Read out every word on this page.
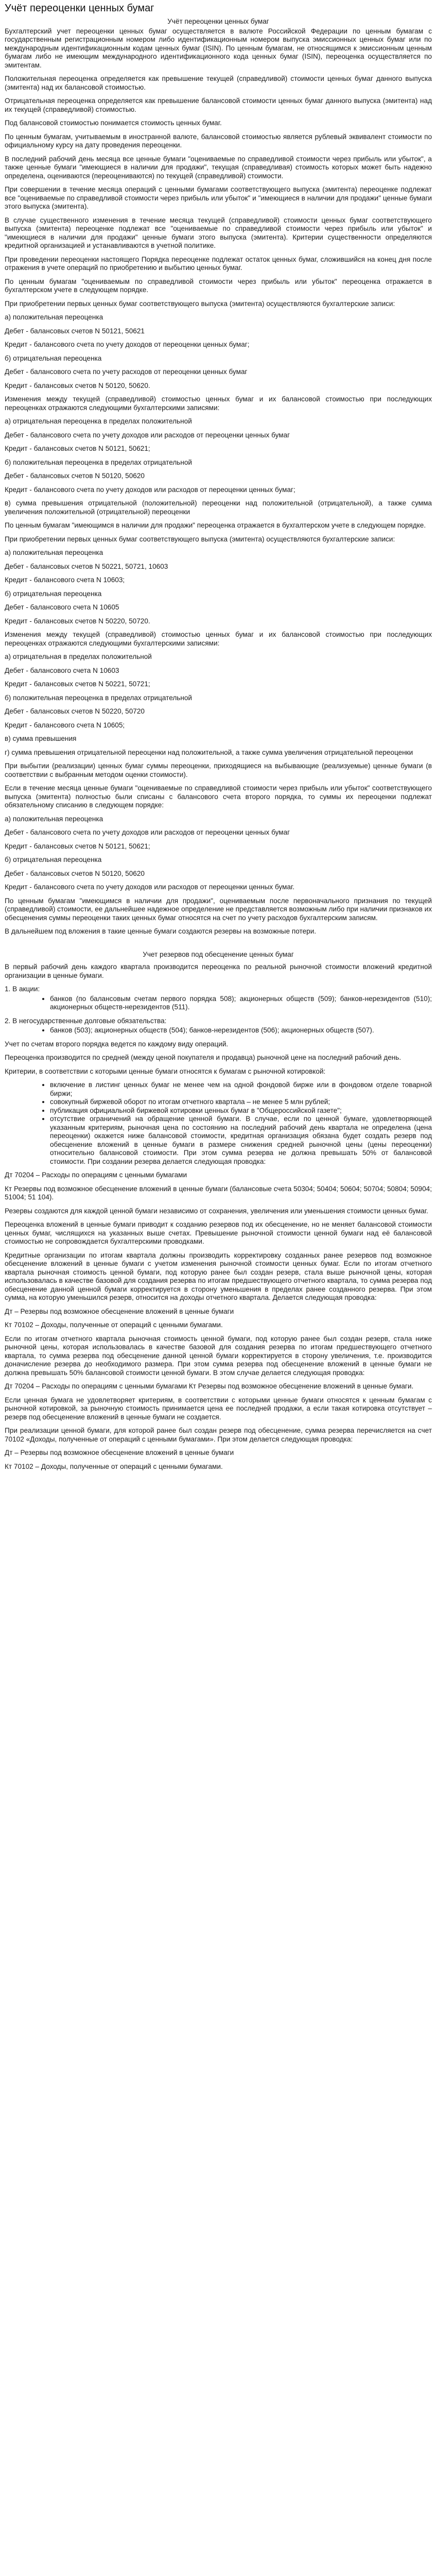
Учёт переоценки ценных бумаг
Учёт переоценки ценных бумаг

Бухгалтерский учет переоценки ценных бумаг осуществляется в валюте Российской Федерации по ценным бумагам с государственным регистрационным номером либо идентификационным номером выпуска эмиссионных ценных бумаг или по международным идентификационным кодам ценных бумаг (ISIN). По ценным бумагам, не относящимся к эмиссионным ценным бумагам либо не имеющим международного идентификационного кода ценных бумаг (ISIN), переоценка осуществляется по эмитентам.

Положительная переоценка определяется как превышение текущей (справедливой) стоимости ценных бумаг данного выпуска (эмитента) над их балансовой стоимостью.

Отрицательная переоценка определяется как превышение балансовой стоимости ценных бумаг данного выпуска (эмитента) над их текущей (справедливой) стоимостью.

Под балансовой стоимостью понимается стоимость ценных бумаг.

По ценным бумагам, учитываемым в иностранной валюте, балансовой стоимостью является рублевый эквивалент стоимости по официальному курсу на дату проведения переоценки.

В последний рабочий день месяца все ценные бумаги "оцениваемые по справедливой стоимости через прибыль или убыток", а также ценные бумаги "имеющиеся в наличии для продажи", текущая (справедливая) стоимость которых может быть надежно определена, оцениваются (переоцениваются) по текущей (справедливой) стоимости.

При совершении в течение месяца операций с ценными бумагами соответствующего выпуска (эмитента) переоценке подлежат все "оцениваемые по справедливой стоимости через прибыль или убыток" и "имеющиеся в наличии для продажи" ценные бумаги этого выпуска (эмитента).

В случае существенного изменения в течение месяца текущей (справедливой) стоимости ценных бумаг соответствующего выпуска (эмитента) переоценке подлежат все "оцениваемые по справедливой стоимости через прибыль или убыток" и "имеющиеся в наличии для продажи" ценные бумаги этого выпуска (эмитента). Критерии существенности определяются кредитной организацией и устанавливаются в учетной политике.

При проведении переоценки настоящего Порядка переоценке подлежат остаток ценных бумаг, сложившийся на конец дня после отражения в учете операций по приобретению и выбытию ценных бумаг.

По ценным бумагам "оцениваемым по справедливой стоимости через прибыль или убыток" переоценка отражается в бухгалтерском учете в следующем порядке.

При приобретении первых ценных бумаг соответствующего выпуска (эмитента) осуществляются бухгалтерские записи:

а) положительная переоценка

Дебет - балансовых счетов N 50121, 50621

Кредит - балансового счета по учету доходов от переоценки ценных бумаг;

б) отрицательная переоценка

Дебет - балансового счета по учету расходов от переоценки ценных бумаг

Кредит - балансовых счетов N 50120, 50620.

Изменения между текущей (справедливой) стоимостью ценных бумаг и их балансовой стоимостью при последующих переоценках отражаются следующими бухгалтерскими записями:

а) отрицательная переоценка в пределах положительной

Дебет - балансового счета по учету доходов или расходов от переоценки ценных бумаг

Кредит - балансовых счетов N 50121, 50621;

б) положительная переоценка в пределах отрицательной

Дебет - балансовых счетов N 50120, 50620

Кредит - балансового счета по учету доходов или расходов от переоценки ценных бумаг;

в) сумма превышения отрицательной (положительной) переоценки над положительной (отрицательной), а также сумма увеличения положительной (отрицательной) переоценки

По ценным бумагам "имеющимся в наличии для продажи" переоценка отражается в бухгалтерском учете в следующем порядке.

При приобретении первых ценных бумаг соответствующего выпуска (эмитента) осуществляются бухгалтерские записи:

а) положительная переоценка

Дебет - балансовых счетов N 50221, 50721, 10603

Кредит - балансового счета N 10603;

б) отрицательная переоценка

Дебет - балансового счета N 10605

Кредит - балансовых счетов N 50220, 50720.

Изменения между текущей (справедливой) стоимостью ценных бумаг и их балансовой стоимостью при последующих переоценках отражаются следующими бухгалтерскими записями:

а) отрицательная в пределах положительной

Дебет - балансового счета N 10603

Кредит - балансовых счетов N 50221, 50721;

б) положительная переоценка в пределах отрицательной

Дебет - балансовых счетов N 50220, 50720

Кредит - балансового счета N 10605;

в) сумма превышения

г) сумма превышения отрицательной переоценки над положительной, а также сумма увеличения отрицательной переоценки

При выбытии (реализации) ценных бумаг суммы переоценки, приходящиеся на выбывающие (реализуемые) ценные бумаги (в соответствии с выбранным методом оценки стоимости).

Если в течение месяца ценные бумаги "оцениваемые по справедливой стоимости через прибыль или убыток" соответствующего выпуска (эмитента) полностью были списаны с балансового счета второго порядка, то суммы их переоценки подлежат обязательному списанию в следующем порядке:

а) положительная переоценка

Дебет - балансового счета по учету доходов или расходов от переоценки ценных бумаг

Кредит - балансовых счетов N 50121, 50621;

б) отрицательная переоценка

Дебет - балансовых счетов N 50120, 50620

Кредит - балансового счета по учету доходов или расходов от переоценки ценных бумаг.

По ценным бумагам "имеющимся в наличии для продажи", оцениваемым после первоначального признания по текущей (справедливой) стоимости, ее дальнейшее надежное определение не представляется возможным либо при наличии признаков их обесценения суммы переоценки таких ценных бумаг относятся на счет по учету расходов бухгалтерским записям.

В дальнейшем под вложения в такие ценные бумаги создаются резервы на возможные потери.

Учет резервов под обесценение ценных бумаг

В первый рабочий день каждого квартала производится переоценка по реальной рыночной стоимости вложений кредитной организации в ценные бумаги.

1. В акции:
• банков (по балансовым счетам первого порядка 508); акционерных обществ (509); банков-нерезидентов (510); акционерных обществ-нерезидентов (511).
2. В негосударственные долговые обязательства:
• банков (503); акционерных обществ (504); банков-нерезидентов (506); акционерных обществ (507).

Учет по счетам второго порядка ведется по каждому виду операций.

Переоценка производится по средней (между ценой покупателя и продавца) рыночной цене на последний рабочий день.

Критерии, в соответствии с которыми ценные бумаги относятся к бумагам с рыночной котировкой:

• включение в листинг ценных бумаг не менее чем на одной фондовой бирже или в фондовом отделе товарной биржи;
• совокупный биржевой оборот по итогам отчетного квартала – не менее 5 млн рублей;
• публикация официальной биржевой котировки ценных бумаг в "Общероссийской газете";
• отсутствие ограничений на обращение ценной бумаги. В случае, если по ценной бумаге, удовлетворяющей указанным критериям, рыночная цена по состоянию на последний рабочий день квартала не определена (цена переоценки) окажется ниже балансовой стоимости, кредитная организация обязана будет создать резерв под обесценение вложений в ценные бумаги в размере снижения средней рыночной цены (цены переоценки) относительно балансовой стоимости. При этом сумма резерва не должна превышать 50% от балансовой стоимости. При создании резерва делается следующая проводка:

Дт 70204 – Расходы по операциям с ценными бумагами

Кт Резервы под возможное обесценение вложений в ценные бумаги (балансовые счета 50304; 50404; 50604; 50704; 50804; 50904; 51004; 51 104).

Резервы создаются для каждой ценной бумаги независимо от сохранения, увеличения или уменьшения стоимости ценных бумаг.

Переоценка вложений в ценные бумаги приводит к созданию резервов под их обесценение, но не меняет балансовой стоимости ценных бумаг, числящихся на указанных выше счетах. Превышение рыночной стоимости ценной бумаги над её балансовой стоимостью не сопровождается бухгалтерскими проводками.

Кредитные организации по итогам квартала должны производить корректировку созданных ранее резервов под возможное обесценение вложений в ценные бумаги с учетом изменения рыночной стоимости ценных бумаг. Если по итогам отчетного квартала рыночная стоимость ценной бумаги, под которую ранее был создан резерв, стала выше рыночной цены, которая использовалась в качестве базовой для создания резерва по итогам предшествующего отчетного квартала, то сумма резерва под обесценение данной ценной бумаги корректируется в сторону уменьшения в пределах ранее созданного резерва. При этом сумма, на которую уменьшился резерв, относится на доходы отчетного квартала. Делается следующая проводка:

Дт – Резервы под возможное обесценение вложений в ценные бумаги

Кт 70102 – Доходы, полученные от операций с ценными бумагами.

Если по итогам отчетного квартала рыночная стоимость ценной бумаги, под которую ранее был создан резерв, стала ниже рыночной цены, которая использовалась в качестве базовой для создания резерва по итогам предшествующего отчетного квартала, то сумма резерва под обесценение данной ценной бумаги корректируется в сторону увеличения, т.е. производится доначисление резерва до необходимого размера. При этом сумма резерва под обесценение вложений в ценные бумаги не должна превышать 50% балансовой стоимости ценной бумаги. В этом случае делается следующая проводка:

Дт 70204 – Расходы по операциям с ценными бумагами Кт Резервы под возможное обесценение вложений в ценные бумаги.

Если ценная бумага не удовлетворяет критериям, в соответствии с которыми ценные бумаги относятся к ценным бумагам с рыночной котировкой, за рыночную стоимость принимается цена ее последней продажи, а если такая котировка отсутствует – резерв под обесценение вложений в ценные бумаги не создается.

При реализации ценной бумаги, для которой ранее был создан резерв под обесценение, сумма резерва перечисляется на счет 70102 «Доходы, полученные от операций с ценными бумагами». При этом делается следующая проводка:

Дт – Резервы под возможное обесценение вложений в ценные бумаги

Кт 70102 – Доходы, полученные от операций с ценными бумагами.
